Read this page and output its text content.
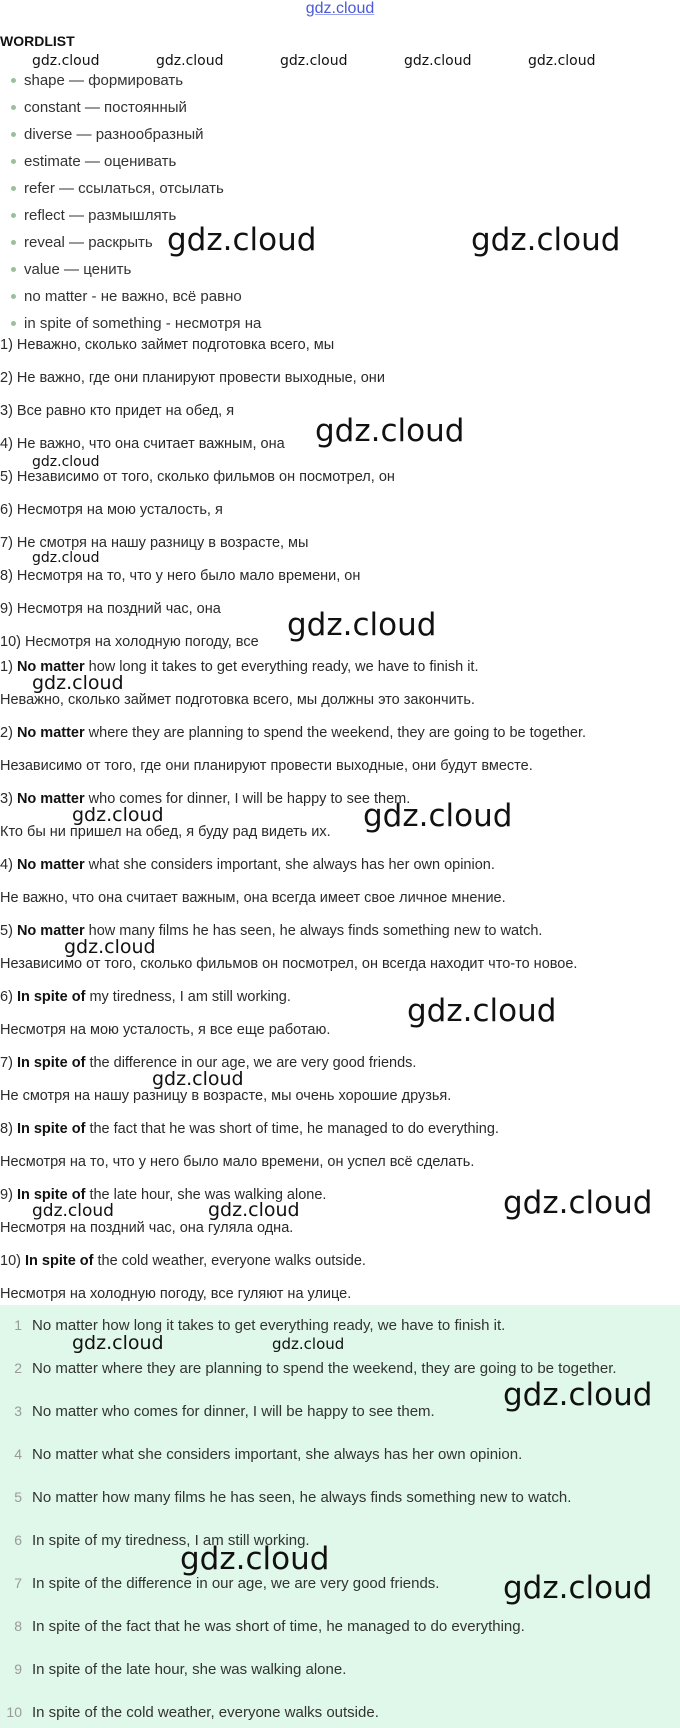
gdz.cloud
WORDLIST
shape — формировать
constant — постоянный
diverse — разнообразный
estimate — оценивать
refer — ссылаться, отсылать
reflect — размышлять
reveal — раскрыть
value — ценить
no matter - не важно, всё равно
in spite of something - несмотря на
1) Неважно, сколько займет подготовка всего, мы
2) Не важно, где они планируют провести выходные, они
3) Все равно кто придет на обед, я
4) Не важно, что она считает важным, она
5) Независимо от того, сколько фильмов он посмотрел, он
6) Несмотря на мою усталость, я
7) Не смотря на нашу разницу в возрасте, мы
8) Несмотря на то, что у него было мало времени, он
9) Несмотря на поздний час, она
10) Несмотря на холодную погоду, все
1) No matter how long it takes to get everything ready, we have to finish it.
Неважно, сколько займет подготовка всего, мы должны это закончить.
2) No matter where they are planning to spend the weekend, they are going to be together.
Независимо от того, где они планируют провести выходные, они будут вместе.
3) No matter who comes for dinner, I will be happy to see them.
Кто бы ни пришел на обед, я буду рад видеть их.
4) No matter what she considers important, she always has her own opinion.
Не важно, что она считает важным, она всегда имеет свое личное мнение.
5) No matter how many films he has seen, he always finds something new to watch.
Независимо от того, сколько фильмов он посмотрел, он всегда находит что-то новое.
6) In spite of my tiredness, I am still working.
Несмотря на мою усталость, я все еще работаю.
7) In spite of the difference in our age, we are very good friends.
Не смотря на нашу разницу в возрасте, мы очень хорошие друзья.
8) In spite of the fact that he was short of time, he managed to do everything.
Несмотря на то, что у него было мало времени, он успел всё сделать.
9) In spite of the late hour, she was walking alone.
Несмотря на поздний час, она гуляла одна.
10) In spite of the cold weather, everyone walks outside.
Несмотря на холодную погоду, все гуляют на улице.
1 No matter how long it takes to get everything ready, we have to finish it.
2 No matter where they are planning to spend the weekend, they are going to be together.
3 No matter who comes for dinner, I will be happy to see them.
4 No matter what she considers important, she always has her own opinion.
5 No matter how many films he has seen, he always finds something new to watch.
6 In spite of my tiredness, I am still working.
7 In spite of the difference in our age, we are very good friends.
8 In spite of the fact that he was short of time, he managed to do everything.
9 In spite of the late hour, she was walking alone.
10 In spite of the cold weather, everyone walks outside.
gdz.cloud	gdz.cloud	gdz.cloud	gdz.cloud	gdz.cloud
gdz.cloud	gdz.cloud
gdz.cloud
gdz.cloud
gdz.cloud
gdz.cloud
gdz.cloud
gdz.cloud	gdz.cloud
gdz.cloud
gdz.cloud
gdz.cloud
gdz.cloud
gdz.cloud	gdz.cloud
gdz.cloud	gdz.cloud
gdz.cloud
gdz.cloud
gdz.cloud
